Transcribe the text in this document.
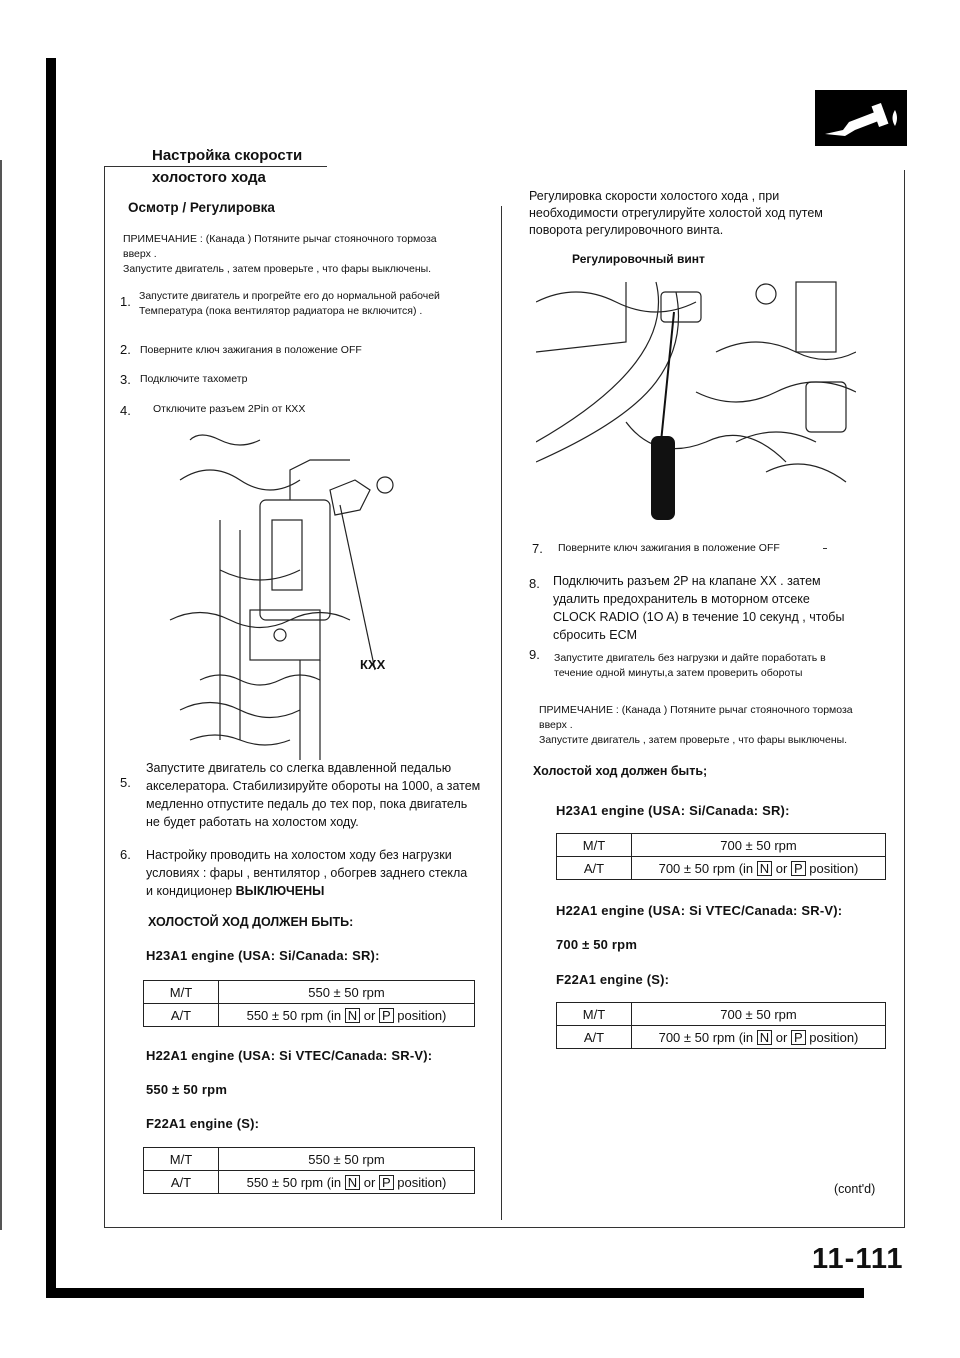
Настройка скорости
холостого хода
Осмотр / Регулировка
ПРИМЕЧАНИЕ : (Канада ) Потяните рычаг стояночного тормоза
вверх .
Запустите двигатель , затем проверьте , что фары выключены.
1. Запустите двигатель и прогрейте его до нормальной рабочей
Температура (пока вентилятор радиатора не включится) .
2. Поверните ключ зажигания в положение OFF
3. Подключите тахометр
4. Отключите разъем 2Pin от КХХ
КХХ
5.
Запустите двигатель со слегка вдавленной педалью
акселератора. Стабилизируйте обороты на 1000, а затем
медленно отпустите педаль до тех пор, пока двигатель
не будет работать на холостом ходу.
6. Настройку проводить на холостом ходу без нагрузки
условиях : фары , вентилятор , обогрев заднего стекла
и кондиционер ВЫКЛЮЧЕНЫ
ХОЛОСТОЙ ХОД ДОЛЖЕН БЫТЬ:
H23A1 engine (USA: Si/Canada: SR):
M/T	550 ± 50 rpm
A/T	550 ± 50 rpm (in N or P position)
H22A1 engine (USA: Si VTEC/Canada: SR-V):
550 ± 50 rpm
F22A1 engine (S):
M/T	550 ± 50 rpm
A/T	550 ± 50 rpm (in N or P position)
Регулировка скорости холостого хода , при
необходимости отрегулируйте холостой ход путем
поворота регулировочного винта.
Регулировочный винт
7. Поверните ключ зажигания в положение OFF
8. Подключить разъем 2P на клапане ХХ . затем
удалить предохранитель в моторном отсеке
CLOCK RADIO (1O A) в течение 10 секунд , чтобы
сбросить ECM
9. Запустите двигатель без нагрузки и дайте поработать в
течение одной минуты,а затем проверить обороты
ПРИМЕЧАНИЕ : (Канада ) Потяните рычаг стояночного тормоза
вверх .
Запустите двигатель , затем проверьте , что фары выключены.
Холостой ход должен быть;
H23A1 engine (USA: Si/Canada: SR):
M/T	700 ± 50 rpm
A/T	700 ± 50 rpm (in N or P position)
H22A1 engine (USA: Si VTEC/Canada: SR-V):
700 ± 50 rpm
F22A1 engine (S):
M/T	700 ± 50 rpm
A/T	700 ± 50 rpm (in N or P position)
(cont'd)
11-111
